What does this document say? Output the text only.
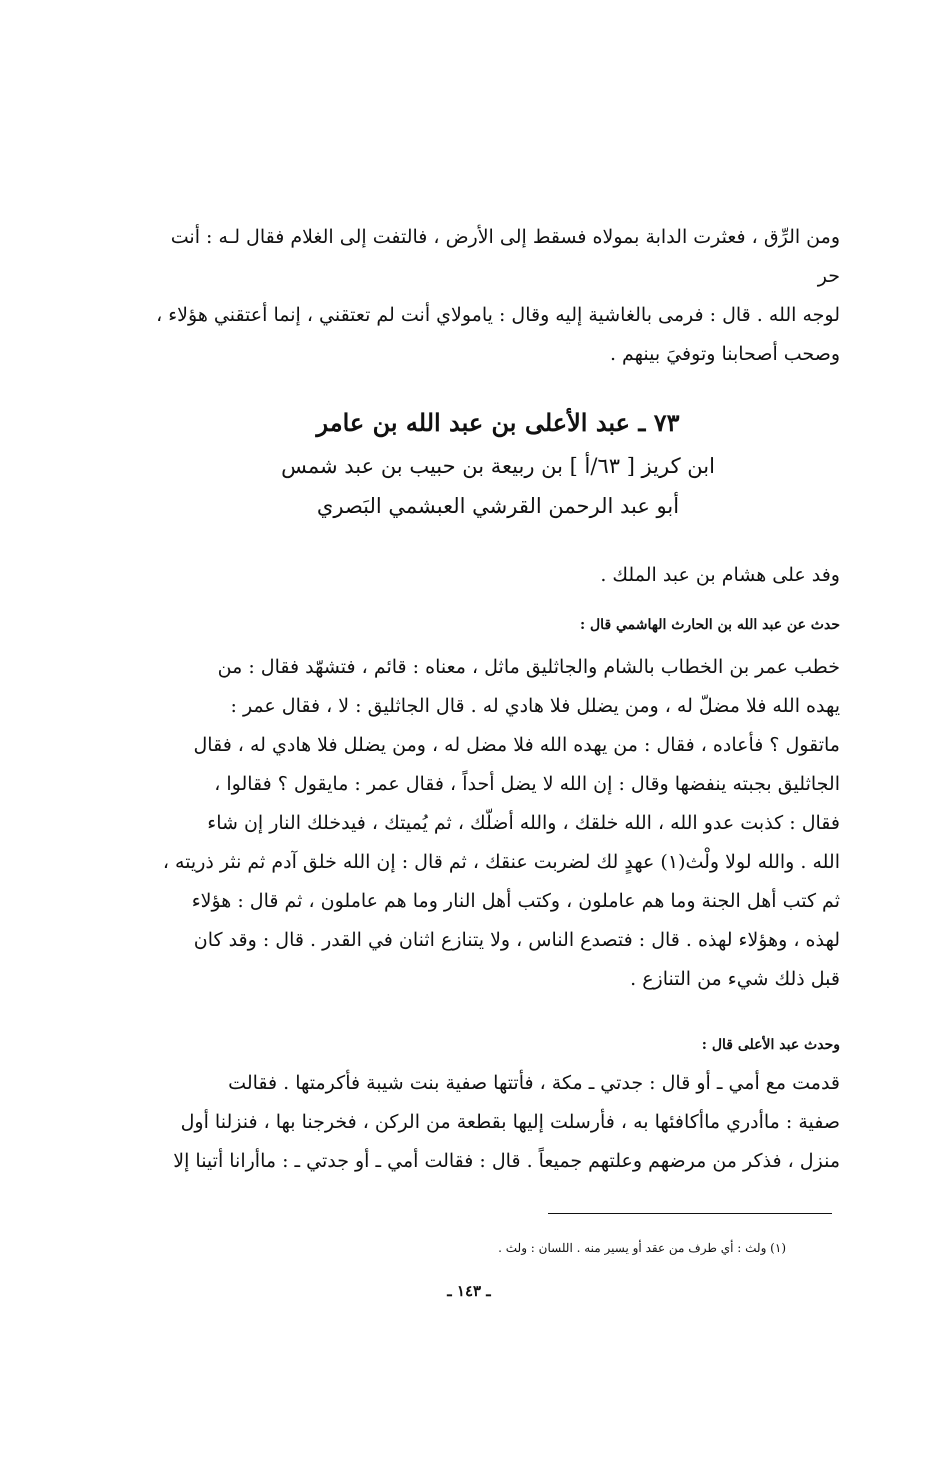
ومن الرِّق ، فعثرت الدابة بمولاه فسقط إلى الأرض ، فالتفت إلى الغلام فقال لـه : أنت حر

لوجه الله . قال : فرمى بالغاشية إليه وقال : يامولاي أنت لم تعتقني ، إنما أعتقني هؤلاء ،

وصحب أصحابنا وتوفيَ بينهم .

٧٣ ـ عبد الأعلى بن عبد الله بن عامر
ابن كريز [ ٦٣/أ ] بن ربيعة بن حبيب بن عبد شمس
أبو عبد الرحمن القرشي العبشمي البَصري

وفد على هشام بن عبد الملك .

حدث عن عبد الله بن الحارث الهاشمي قال :

خطب عمر بن الخطاب بالشام والجاثليق ماثل ، معناه : قائم ، فتشهّد فقال : من

يهده الله فلا مضلّ له ، ومن يضلل فلا هادي له . قال الجاثليق : لا ، فقال عمر :

ماتقول ؟ فأعاده ، فقال : من يهده الله فلا مضل له ، ومن يضلل فلا هادي له ، فقال

الجاثليق بجبته ينفضها وقال : إن الله لا يضل أحداً ، فقال عمر : مايقول ؟ فقالوا ،

فقال : كذبت عدو الله ، الله خلقك ، والله أضلّك ، ثم يُميتك ، فيدخلك النار إن شاء

الله . والله لولا ولْث(١) عهدٍ لك لضربت عنقك ، ثم قال : إن الله خلق آدم ثم نثر ذريته ،

ثم كتب أهل الجنة وما هم عاملون ، وكتب أهل النار وما هم عاملون ، ثم قال : هؤلاء

لهذه ، وهؤلاء لهذه . قال : فتصدع الناس ، ولا يتنازع اثنان في القدر . قال : وقد كان

قبل ذلك شيء من التنازع .

وحدث عبد الأعلى قال :

قدمت مع أمي ـ أو قال : جدتي ـ مكة ، فأتتها صفية بنت شيبة فأكرمتها . فقالت

صفية : ماأدري ماأكافئها به ، فأرسلت إليها بقطعة من الركن ، فخرجنا بها ، فنزلنا أول

منزل ، فذكر من مرضهم وعلتهم جميعاً . قال : فقالت أمي ـ أو جدتي ـ : ماأرانا أتينا إلا

(١) ولث : أي طرف من عقد أو يسير منه . اللسان : ولث .
ـ ١٤٣ ـ
